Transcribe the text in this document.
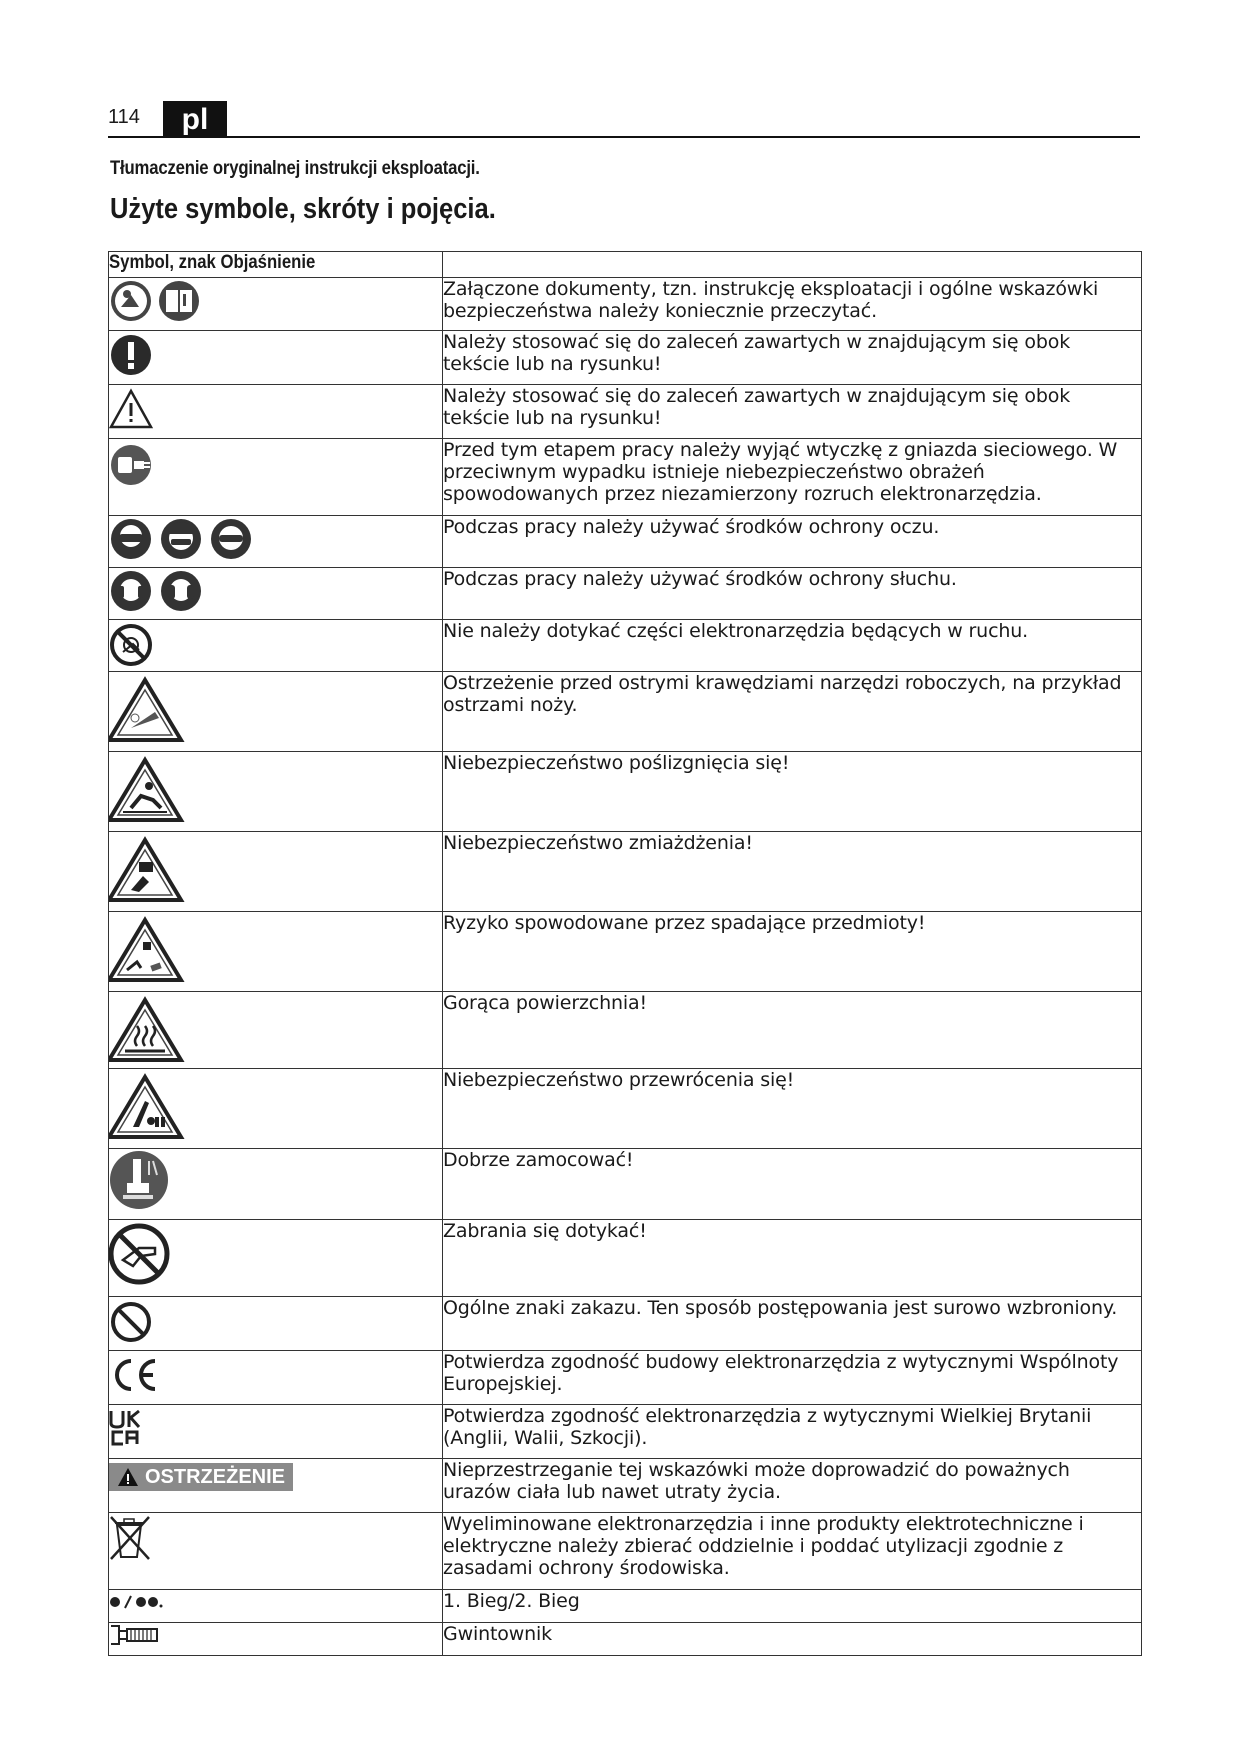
114	pl
Tłumaczenie oryginalnej instrukcji eksploatacji.
Użyte symbole, skróty i pojęcia.
Symbol, znak Objaśnienie	

	Załączone dokumenty, tzn. instrukcję eksploatacji i ogólne wskazówki bezpieczeństwa należy koniecznie przeczytać.

	Należy stosować się do zaleceń zawartych w znajdującym się obok tekście lub na rysunku!

	Należy stosować się do zaleceń zawartych w znajdującym się obok tekście lub na rysunku!

	Przed tym etapem pracy należy wyjąć wtyczkę z gniazda sieciowego. W przeciwnym wypadku istnieje niebezpieczeństwo obrażeń spowodowanych przez niezamierzony rozruch elektronarzędzia.

	Podczas pracy należy używać środków ochrony oczu.

	Podczas pracy należy używać środków ochrony słuchu.

	Nie należy dotykać części elektronarzędzia będących w ruchu.

	Ostrzeżenie przed ostrymi krawędziami narzędzi roboczych, na przykład ostrzami noży.

	Niebezpieczeństwo poślizgnięcia się!

	Niebezpieczeństwo zmiażdżenia!

	Ryzyko spowodowane przez spadające przedmioty!

	Gorąca powierzchnia!

	Niebezpieczeństwo przewrócenia się!

	Dobrze zamocować!

	Zabrania się dotykać!

	Ogólne znaki zakazu. Ten sposób postępowania jest surowo wzbroniony.

	Potwierdza zgodność budowy elektronarzędzia z wytycznymi Wspólnoty Europejskiej.

	Potwierdza zgodność elektronarzędzia z wytycznymi Wielkiej Brytanii (Anglii, Walii, Szkocji).

OSTRZEŻENIE	Nieprzestrzeganie tej wskazówki może doprowadzić do poważnych urazów ciała lub nawet utraty życia.

	Wyeliminowane elektronarzędzia i inne produkty elektrotechniczne i elektryczne należy zbierać oddzielnie i poddać utylizacji zgodnie z zasadami ochrony środowiska.

	1. Bieg/2. Bieg

	Gwintownik
